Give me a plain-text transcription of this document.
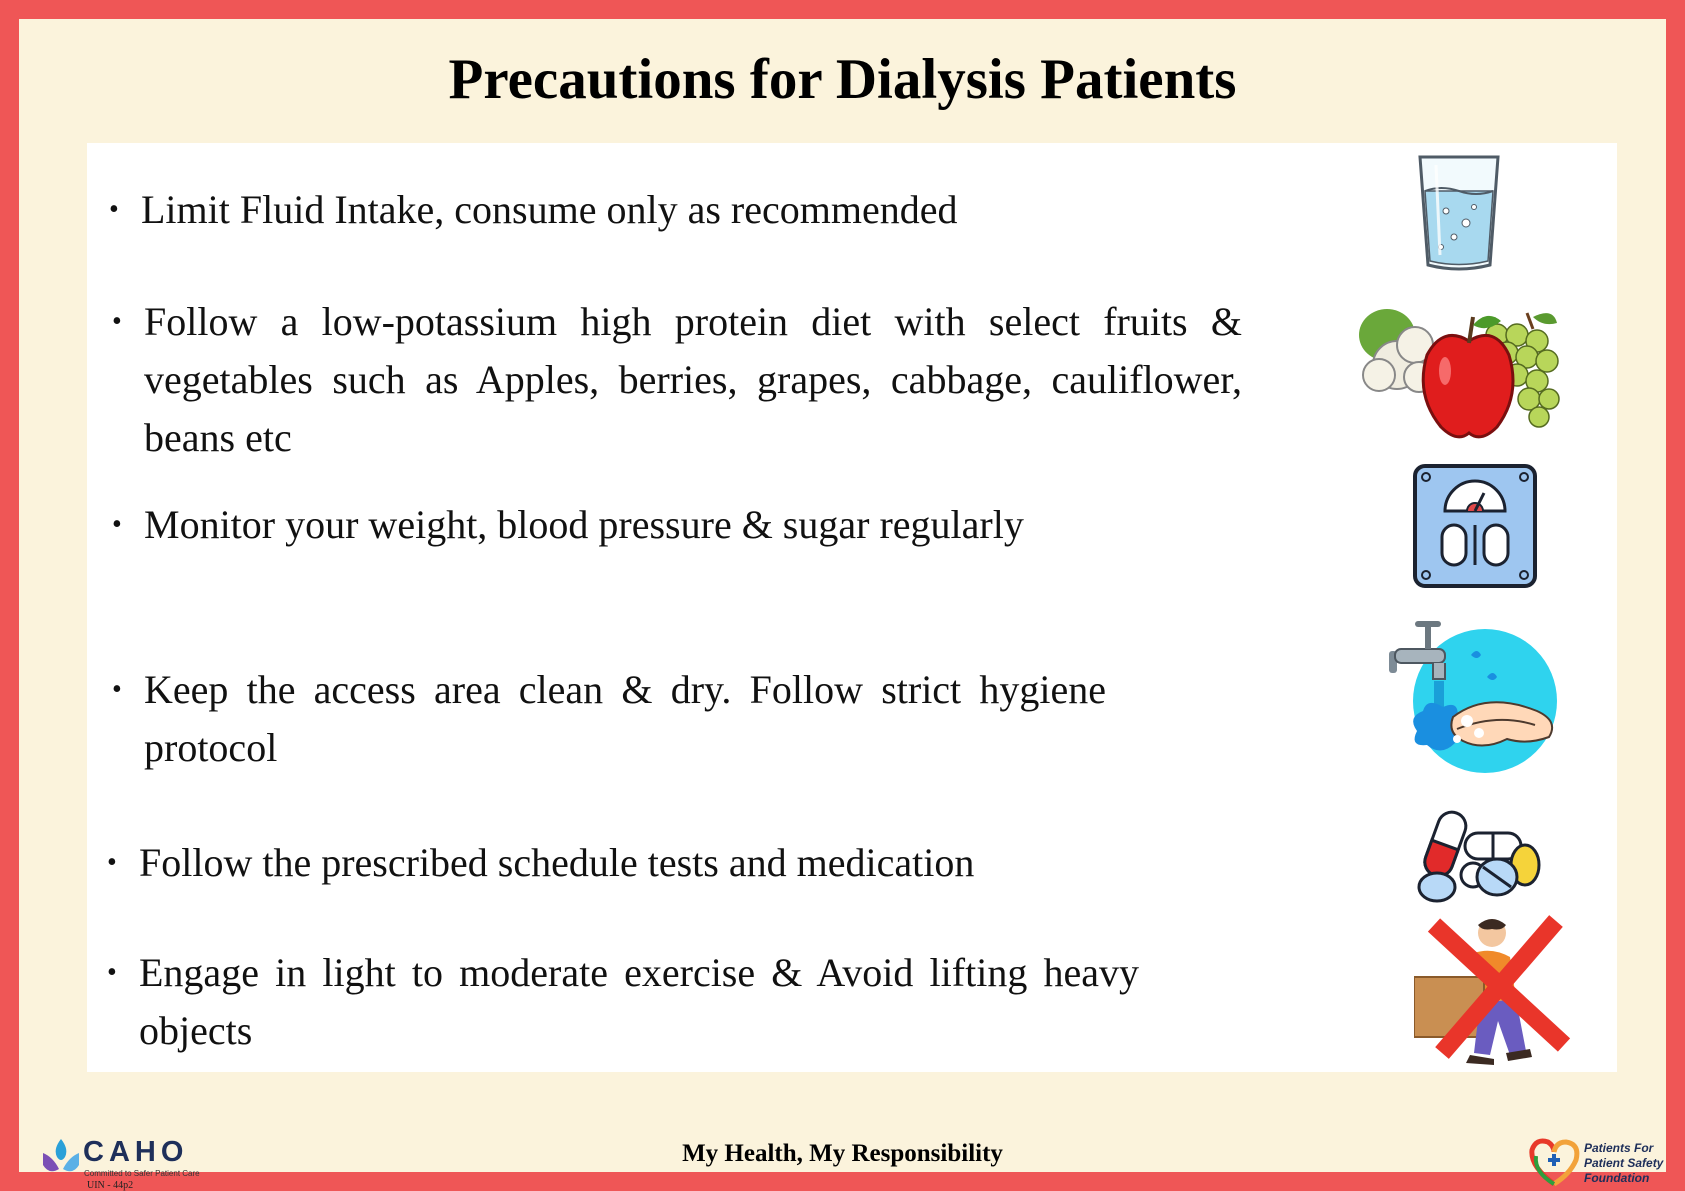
Precautions for Dialysis Patients
• Limit Fluid Intake, consume only as recommended
• Follow a low-potassium high protein diet with select fruits & vegetables such as Apples, berries, grapes, cabbage, cauliflower, beans etc
• Monitor your weight, blood pressure & sugar regularly
• Keep the access area clean & dry. Follow strict hygiene protocol
• Follow the prescribed schedule tests and medication
• Engage in light to moderate exercise & Avoid lifting heavy objects
CAHO
Committed to Safer Patient Care
UIN - 44p2
My Health, My Responsibility	Patients For
Patient Safety
Foundation
